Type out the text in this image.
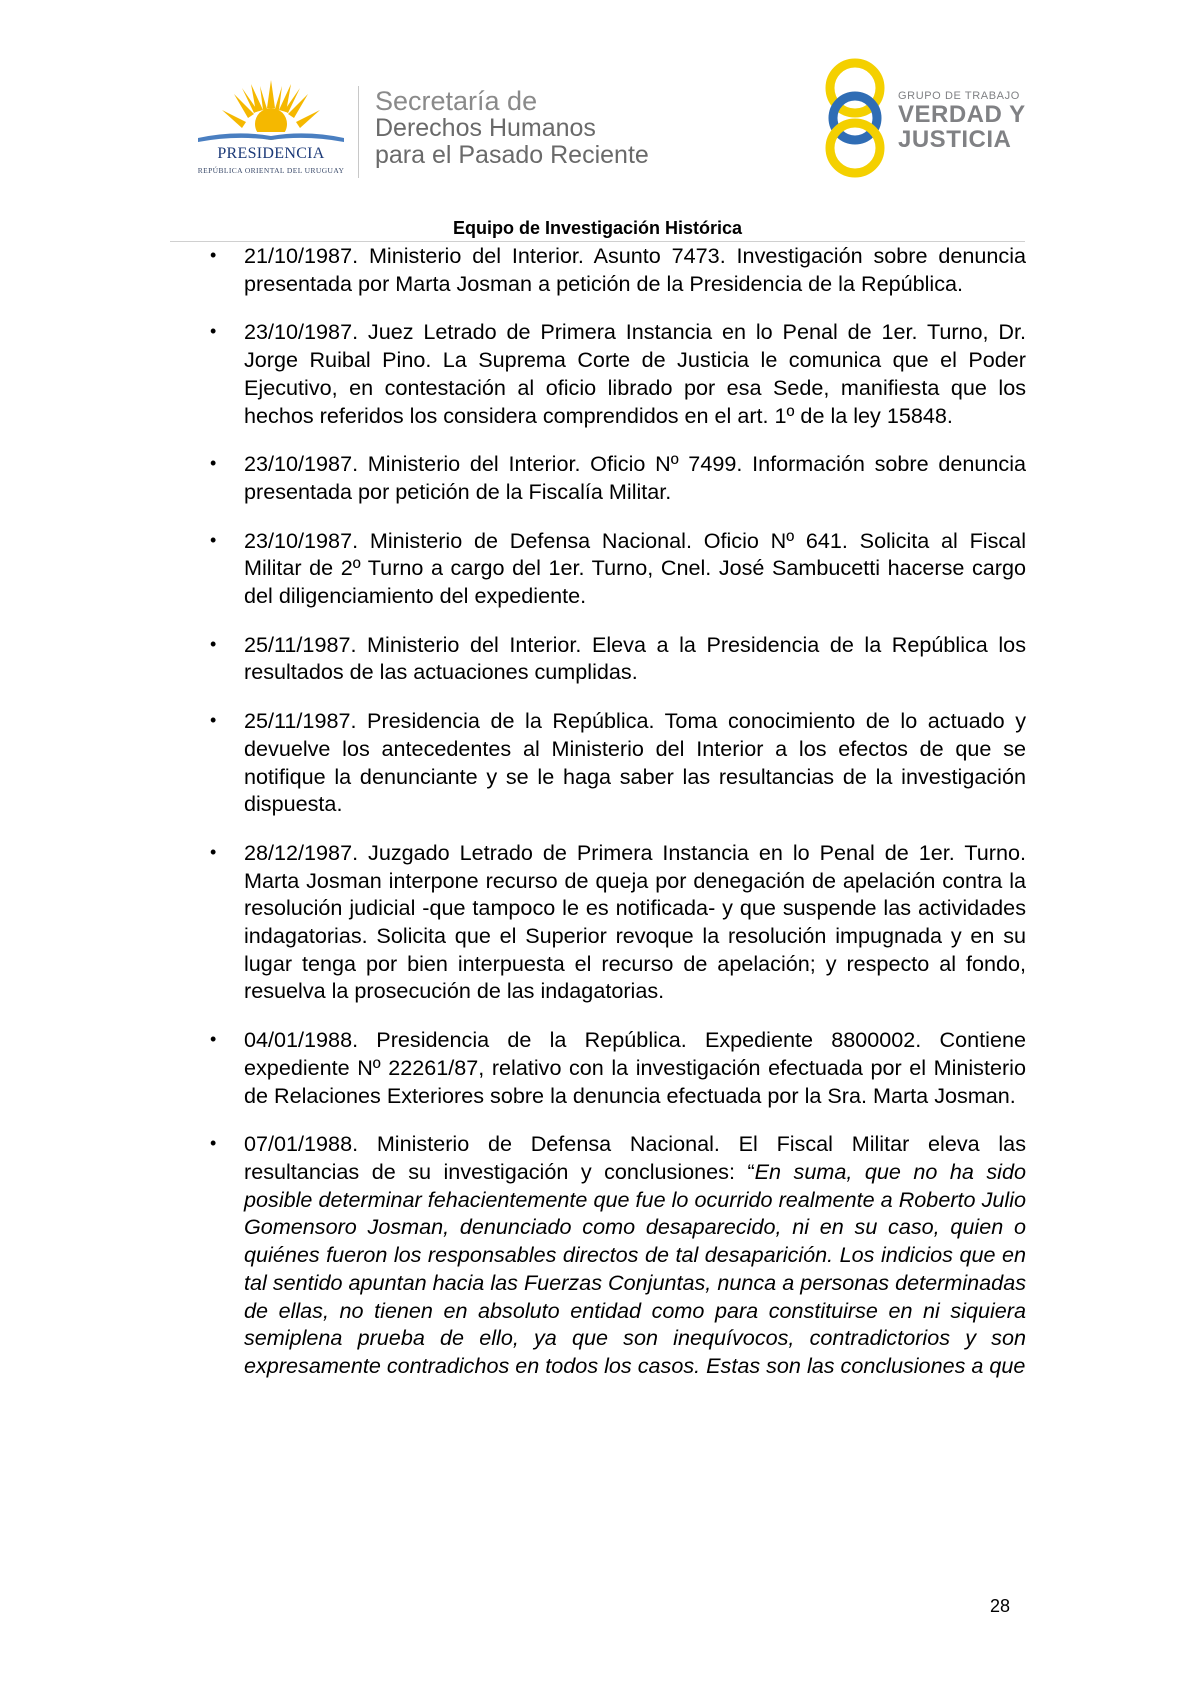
PRESIDENCIA
REPÚBLICA ORIENTAL DEL URUGUAY
Secretaría de
Derechos Humanos
para el Pasado Reciente
GRUPO DE TRABAJO
VERDAD Y
JUSTICIA
Equipo de Investigación Histórica
• 21/10/1987. Ministerio del Interior. Asunto 7473. Investigación sobre denuncia presentada por Marta Josman a petición de la Presidencia de la República.
• 23/10/1987. Juez Letrado de Primera Instancia en lo Penal de 1er. Turno, Dr. Jorge Ruibal Pino. La Suprema Corte de Justicia le comunica que el Poder Ejecutivo, en contestación al oficio librado por esa Sede, manifiesta que los hechos referidos los considera comprendidos en el art. 1º de la ley 15848.
• 23/10/1987. Ministerio del Interior. Oficio Nº 7499. Información sobre denuncia presentada por petición de la Fiscalía Militar.
• 23/10/1987. Ministerio de Defensa Nacional. Oficio Nº 641. Solicita al Fiscal Militar de 2º Turno a cargo del 1er. Turno, Cnel. José Sambucetti hacerse cargo del diligenciamiento del expediente.
• 25/11/1987. Ministerio del Interior. Eleva a la Presidencia de la República los resultados de las actuaciones cumplidas.
• 25/11/1987. Presidencia de la República. Toma conocimiento de lo actuado y devuelve los antecedentes al Ministerio del Interior a los efectos de que se notifique la denunciante y se le haga saber las resultancias de la investigación dispuesta.
• 28/12/1987. Juzgado Letrado de Primera Instancia en lo Penal de 1er. Turno. Marta Josman interpone recurso de queja por denegación de apelación contra la resolución judicial -que tampoco le es notificada- y que suspende las actividades indagatorias. Solicita que el Superior revoque la resolución impugnada y en su lugar tenga por bien interpuesta el recurso de apelación; y respecto al fondo, resuelva la prosecución de las indagatorias.
• 04/01/1988. Presidencia de la República. Expediente 8800002. Contiene expediente Nº 22261/87, relativo con la investigación efectuada por el Ministerio de Relaciones Exteriores sobre la denuncia efectuada por la Sra. Marta Josman.
• 07/01/1988. Ministerio de Defensa Nacional. El Fiscal Militar eleva las resultancias de su investigación y conclusiones: “En suma, que no ha sido posible determinar fehacientemente que fue lo ocurrido realmente a Roberto Julio Gomensoro Josman, denunciado como desaparecido, ni en su caso, quien o quiénes fueron los responsables directos de tal desaparición. Los indicios que en tal sentido apuntan hacia las Fuerzas Conjuntas, nunca a personas determinadas de ellas, no tienen en absoluto entidad como para constituirse en ni siquiera semiplena prueba de ello, ya que son inequívocos, contradictorios y son expresamente contradichos en todos los casos. Estas son las conclusiones a que
28
